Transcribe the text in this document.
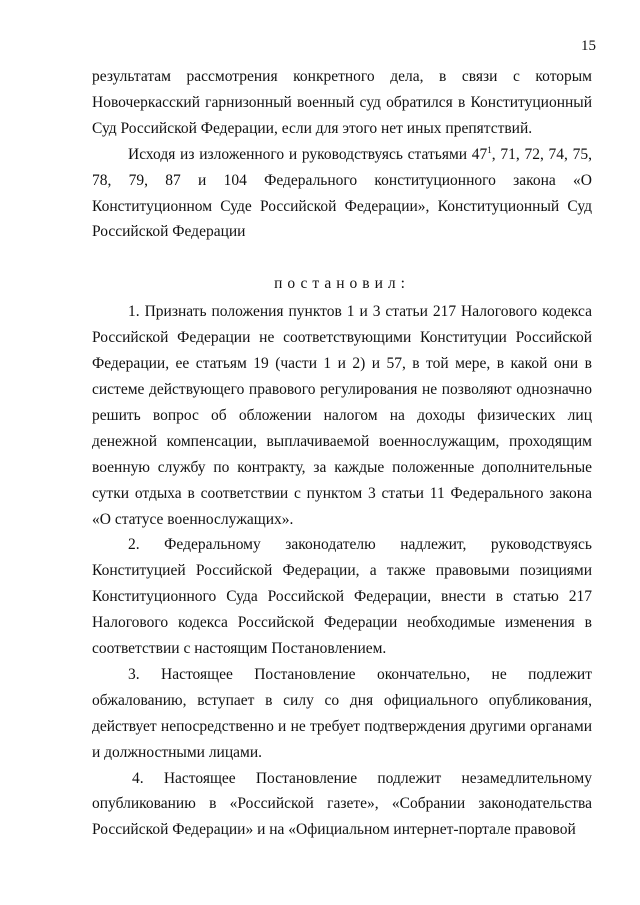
15

результатам рассмотрения конкретного дела, в связи с которым Новочеркасский гарнизонный военный суд обратился в Конституционный Суд Российской Федерации, если для этого нет иных препятствий.

Исходя из изложенного и руководствуясь статьями $47^1$, 71, 72, 74, 75, 78, 79, 87 и 104 Федерального конституционного закона «О Конституционном Суде Российской Федерации», Конституционный Суд Российской Федерации

постановил:

1. Признать положения пунктов 1 и 3 статьи 217 Налогового кодекса Российской Федерации не соответствующими Конституции Российской Федерации, ее статьям 19 (части 1 и 2) и 57, в той мере, в какой они в системе действующего правового регулирования не позволяют однозначно решить вопрос об обложении налогом на доходы физических лиц денежной компенсации, выплачиваемой военнослужащим, проходящим военную службу по контракту, за каждые положенные дополнительные сутки отдыха в соответствии с пунктом 3 статьи 11 Федерального закона «О статусе военнослужащих».

2. Федеральному законодателю надлежит, руководствуясь Конституцией Российской Федерации, а также правовыми позициями Конституционного Суда Российской Федерации, внести в статью 217 Налогового кодекса Российской Федерации необходимые изменения в соответствии с настоящим Постановлением.

3. Настоящее Постановление окончательно, не подлежит обжалованию, вступает в силу со дня официального опубликования, действует непосредственно и не требует подтверждения другими органами и должностными лицами.

4. Настоящее Постановление подлежит незамедлительному опубликованию в «Российской газете», «Собрании законодательства Российской Федерации» и на «Официальном интернет-портале правовой
